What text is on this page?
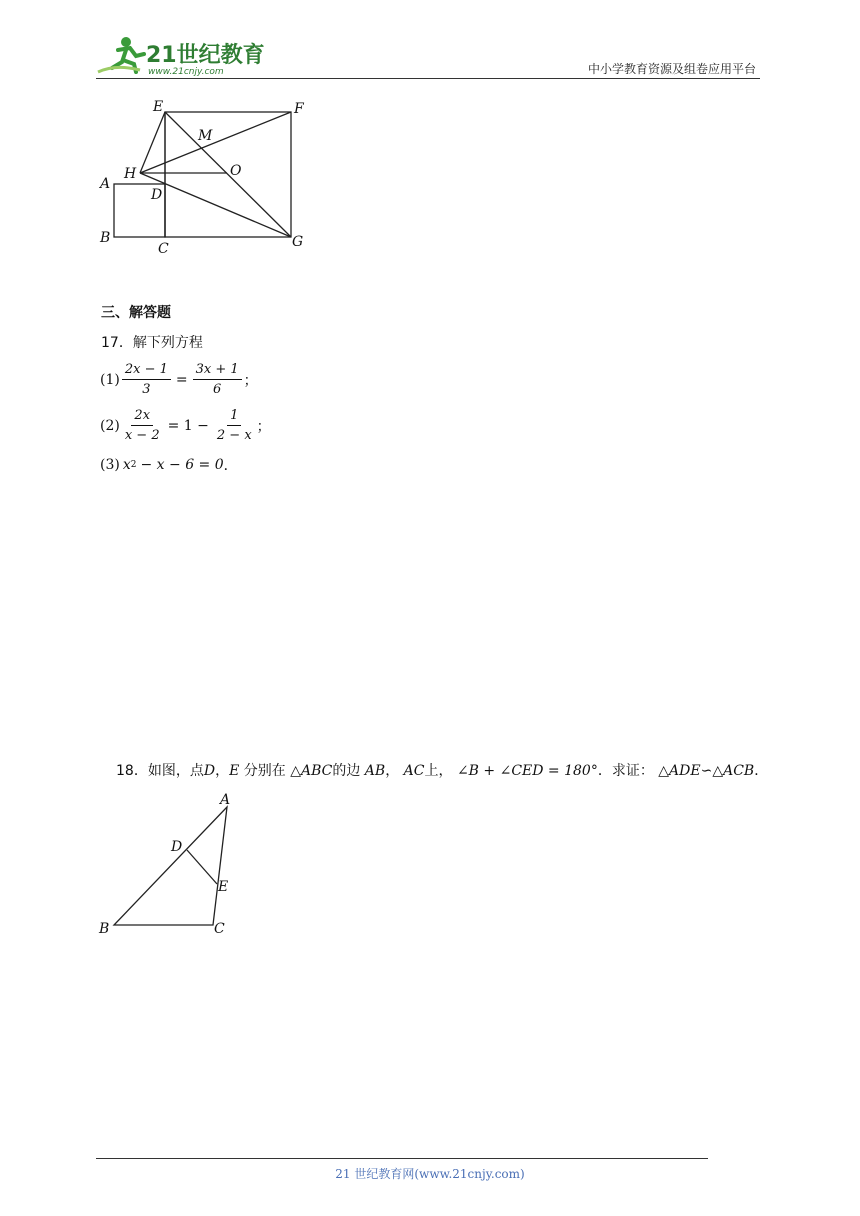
21世纪教育
www.21cnjy.com	中小学教育资源及组卷应用平台
E	F
M
H	O
A
D
B
C	G
三、解答题
17．解下列方程
$(1) \frac{2x - 1}{3} = \frac{3x + 1}{6}$ ；
$(2) \frac{2x}{x - 2} = 1 - \frac{1}{2 - x}$ ；
(3) x 2 − x − 6 = 0 ．
18．如图，点D，E 分别在 △ABC的边 AB， AC上， ∠B + ∠CED = 180°．求证： △ADE∽△ACB．
A
D
E
B	C
21 世纪教育网(www.21cnjy.com)
